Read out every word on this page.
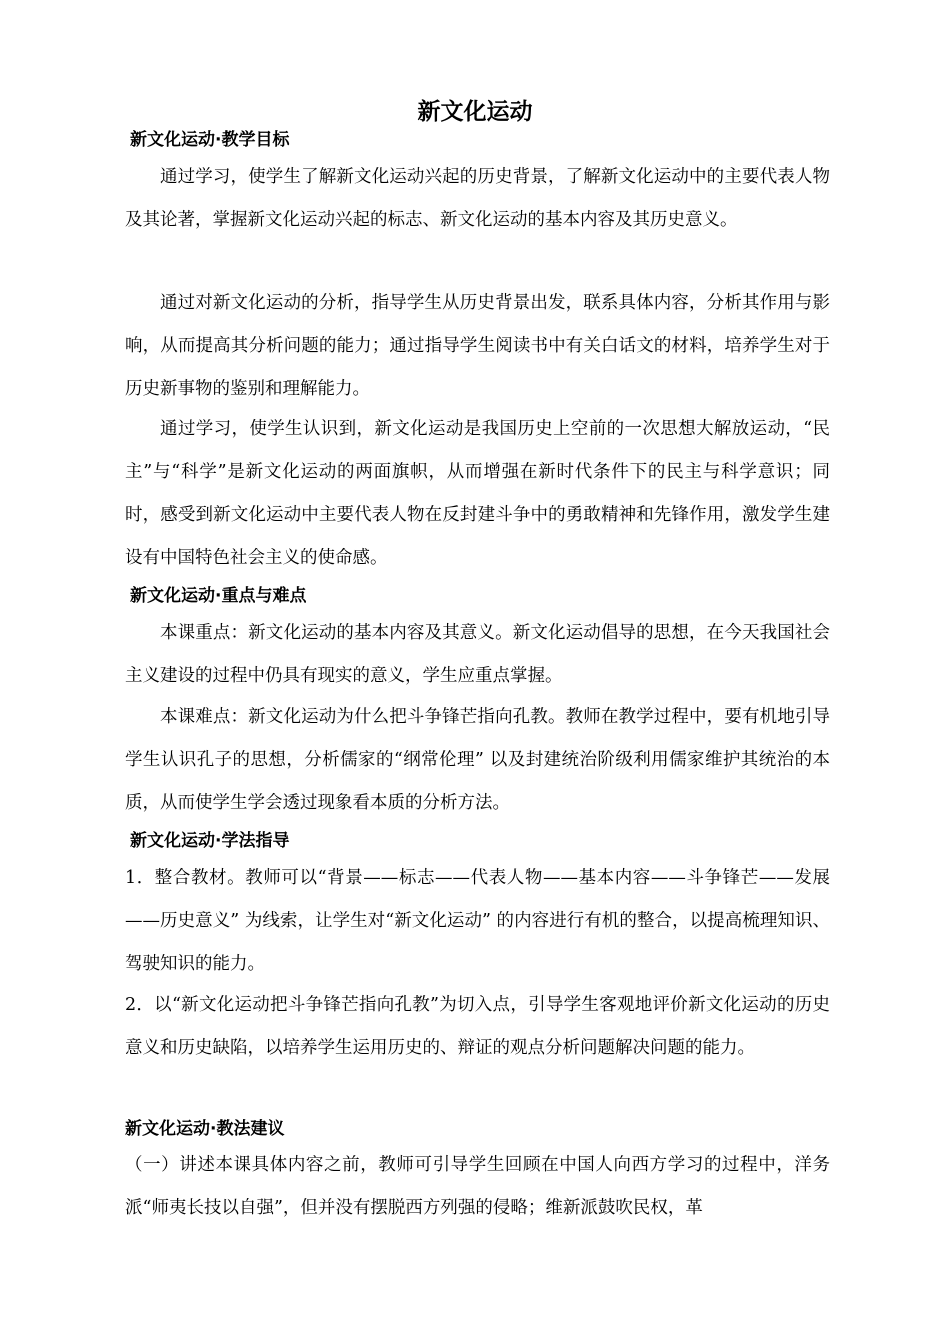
新文化运动
新文化运动·教学目标

通过学习，使学生了解新文化运动兴起的历史背景，了解新文化运动中的主要代表人物及其论著，掌握新文化运动兴起的标志、新文化运动的基本内容及其历史意义。

通过对新文化运动的分析，指导学生从历史背景出发，联系具体内容，分析其作用与影响，从而提高其分析问题的能力；通过指导学生阅读书中有关白话文的材料，培养学生对于历史新事物的鉴别和理解能力。

通过学习，使学生认识到，新文化运动是我国历史上空前的一次思想大解放运动，“民主”与“科学”是新文化运动的两面旗帜，从而增强在新时代条件下的民主与科学意识；同时，感受到新文化运动中主要代表人物在反封建斗争中的勇敢精神和先锋作用，激发学生建设有中国特色社会主义的使命感。

新文化运动·重点与难点

本课重点：新文化运动的基本内容及其意义。新文化运动倡导的思想，在今天我国社会主义建设的过程中仍具有现实的意义，学生应重点掌握。

本课难点：新文化运动为什么把斗争锋芒指向孔教。教师在教学过程中，要有机地引导学生认识孔子的思想，分析儒家的“纲常伦理” 以及封建统治阶级利用儒家维护其统治的本质，从而使学生学会透过现象看本质的分析方法。

新文化运动·学法指导

1．整合教材。教师可以“背景——标志——代表人物——基本内容——斗争锋芒——发展——历史意义” 为线索，让学生对“新文化运动” 的内容进行有机的整合，以提高梳理知识、驾驶知识的能力。

2．以“新文化运动把斗争锋芒指向孔教”为切入点，引导学生客观地评价新文化运动的历史意义和历史缺陷，以培养学生运用历史的、辩证的观点分析问题解决问题的能力。

新文化运动·教法建议

（一）讲述本课具体内容之前，教师可引导学生回顾在中国人向西方学习的过程中，洋务派“师夷长技以自强”，但并没有摆脱西方列强的侵略；维新派鼓吹民权，革
